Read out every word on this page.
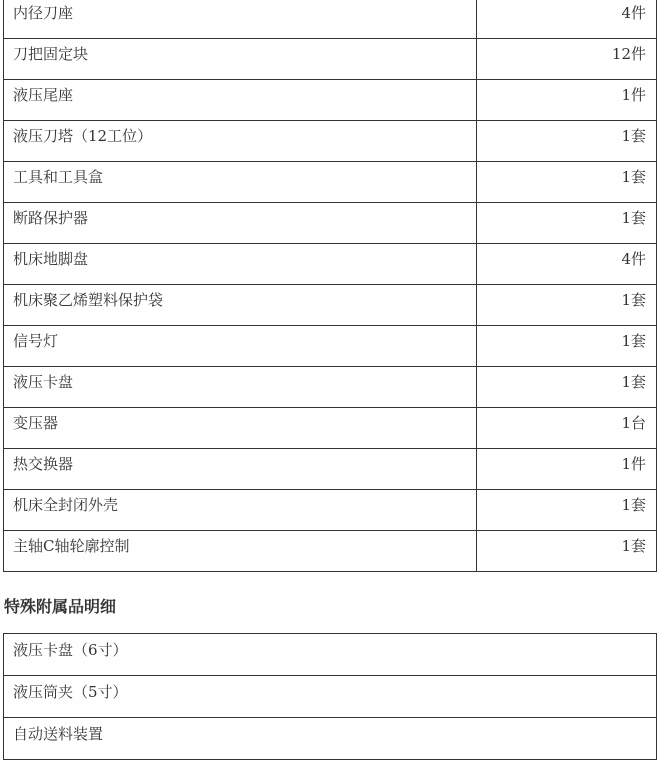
内径刀座	4件
刀把固定块	12件
液压尾座	1件
液压刀塔（12工位）	1套
工具和工具盒	1套
断路保护器	1套
机床地脚盘	4件
机床聚乙烯塑料保护袋	1套
信号灯	1套
液压卡盘	1套
变压器	1台
热交换器	1件
机床全封闭外壳	1套
主轴C轴轮廓控制	1套
特殊附属品明细
液压卡盘（6寸）
液压筒夹（5寸）
自动送料装置
